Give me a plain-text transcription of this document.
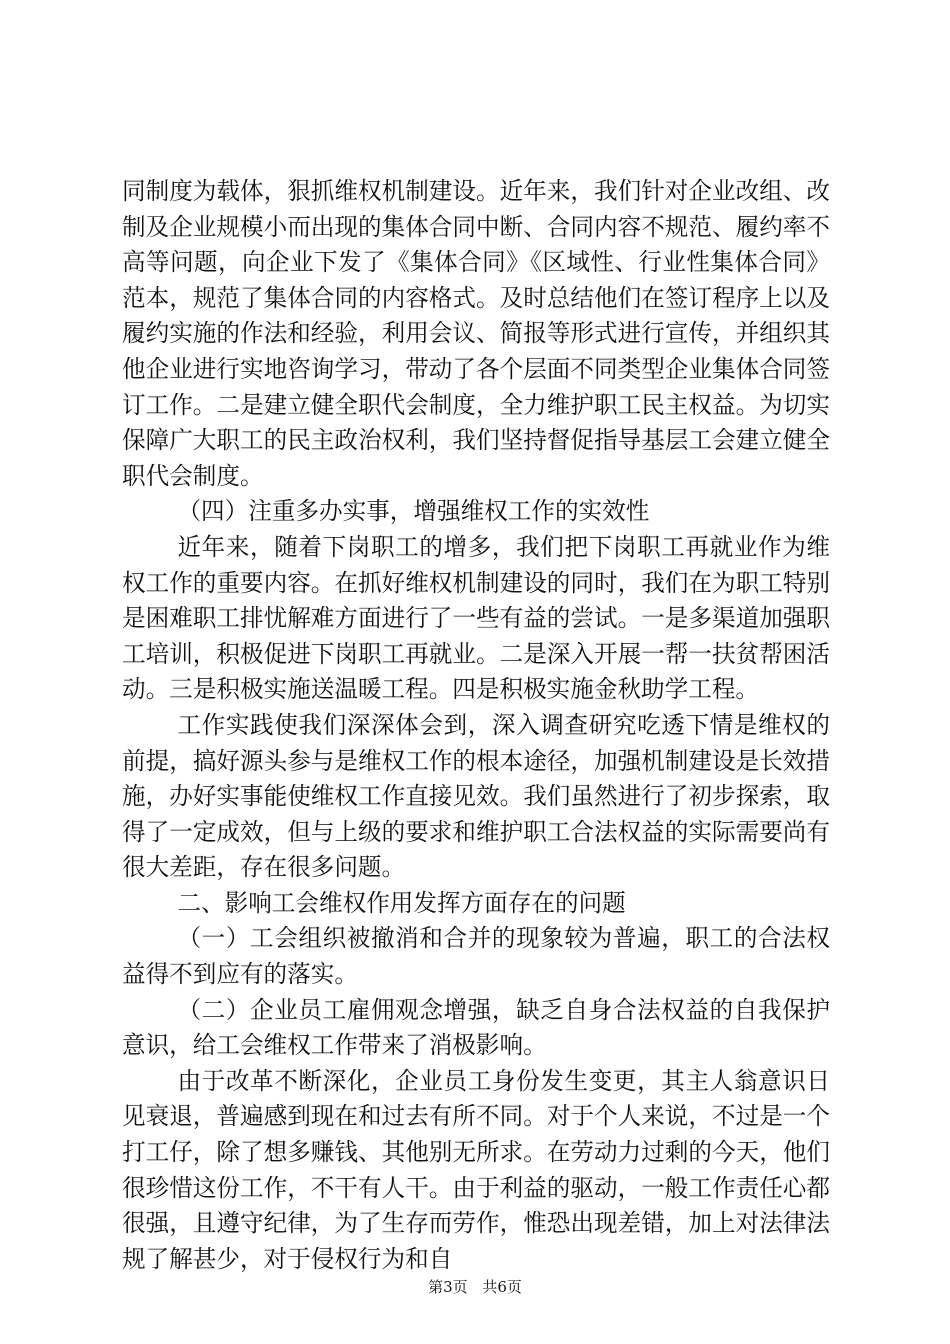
同制度为载体，狠抓维权机制建设。近年来，我们针对企业改组、改制及企业规模小而出现的集体合同中断、合同内容不规范、履约率不高等问题，向企业下发了《集体合同》《区域性、行业性集体合同》范本，规范了集体合同的内容格式。及时总结他们在签订程序上以及履约实施的作法和经验，利用会议、简报等形式进行宣传，并组织其他企业进行实地咨询学习，带动了各个层面不同类型企业集体合同签订工作。二是建立健全职代会制度，全力维护职工民主权益。为切实保障广大职工的民主政治权利，我们坚持督促指导基层工会建立健全职代会制度。

（四）注重多办实事，增强维权工作的实效性

近年来，随着下岗职工的增多，我们把下岗职工再就业作为维权工作的重要内容。在抓好维权机制建设的同时，我们在为职工特别是困难职工排忧解难方面进行了一些有益的尝试。一是多渠道加强职工培训，积极促进下岗职工再就业。二是深入开展一帮一扶贫帮困活动。三是积极实施送温暖工程。四是积极实施金秋助学工程。

工作实践使我们深深体会到，深入调查研究吃透下情是维权的前提，搞好源头参与是维权工作的根本途径，加强机制建设是长效措施，办好实事能使维权工作直接见效。我们虽然进行了初步探索，取得了一定成效，但与上级的要求和维护职工合法权益的实际需要尚有很大差距，存在很多问题。

二、影响工会维权作用发挥方面存在的问题

（一）工会组织被撤消和合并的现象较为普遍，职工的合法权益得不到应有的落实。

（二）企业员工雇佣观念增强，缺乏自身合法权益的自我保护意识，给工会维权工作带来了消极影响。

由于改革不断深化，企业员工身份发生变更，其主人翁意识日见衰退，普遍感到现在和过去有所不同。对于个人来说，不过是一个打工仔，除了想多赚钱、其他别无所求。在劳动力过剩的今天，他们很珍惜这份工作，不干有人干。由于利益的驱动，一般工作责任心都很强，且遵守纪律，为了生存而劳作，惟恐出现差错，加上对法律法规了解甚少，对于侵权行为和自

第3页 共6页
